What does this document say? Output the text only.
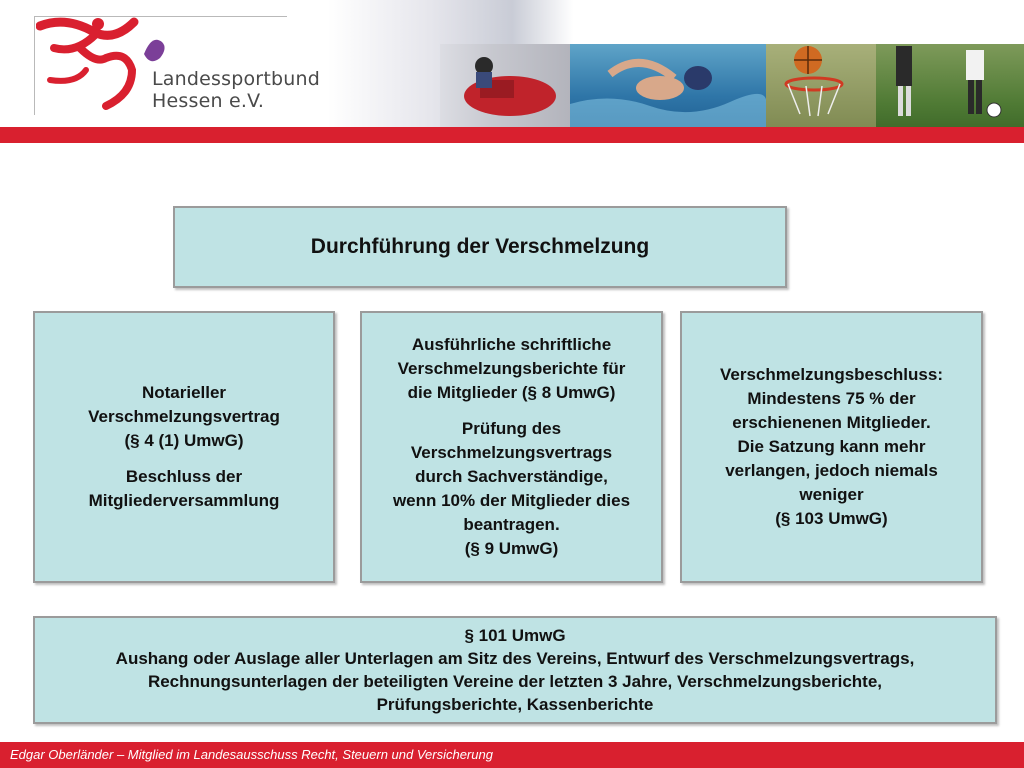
Landessportbund
Hessen e.V.
Durchführung der Verschmelzung
Notarieller
Verschmelzungsvertrag
(§ 4 (1) UmwG)
Beschluss der
Mitgliederversammlung
Ausführliche schriftliche
Verschmelzungsberichte für
die Mitglieder (§ 8 UmwG)
Prüfung des
Verschmelzungsvertrags
durch Sachverständige,
wenn 10% der Mitglieder dies
beantragen.
(§ 9 UmwG)
Verschmelzungsbeschluss:
Mindestens 75 % der
erschienenen Mitglieder.
Die Satzung kann mehr
verlangen, jedoch niemals
weniger
(§ 103 UmwG)
§ 101 UmwG
Aushang oder Auslage aller Unterlagen am Sitz des Vereins, Entwurf des Verschmelzungsvertrags,
Rechnungsunterlagen der beteiligten Vereine der letzten 3 Jahre, Verschmelzungsberichte,
Prüfungsberichte, Kassenberichte
Edgar Oberländer – Mitglied im Landesausschuss Recht, Steuern und Versicherung
